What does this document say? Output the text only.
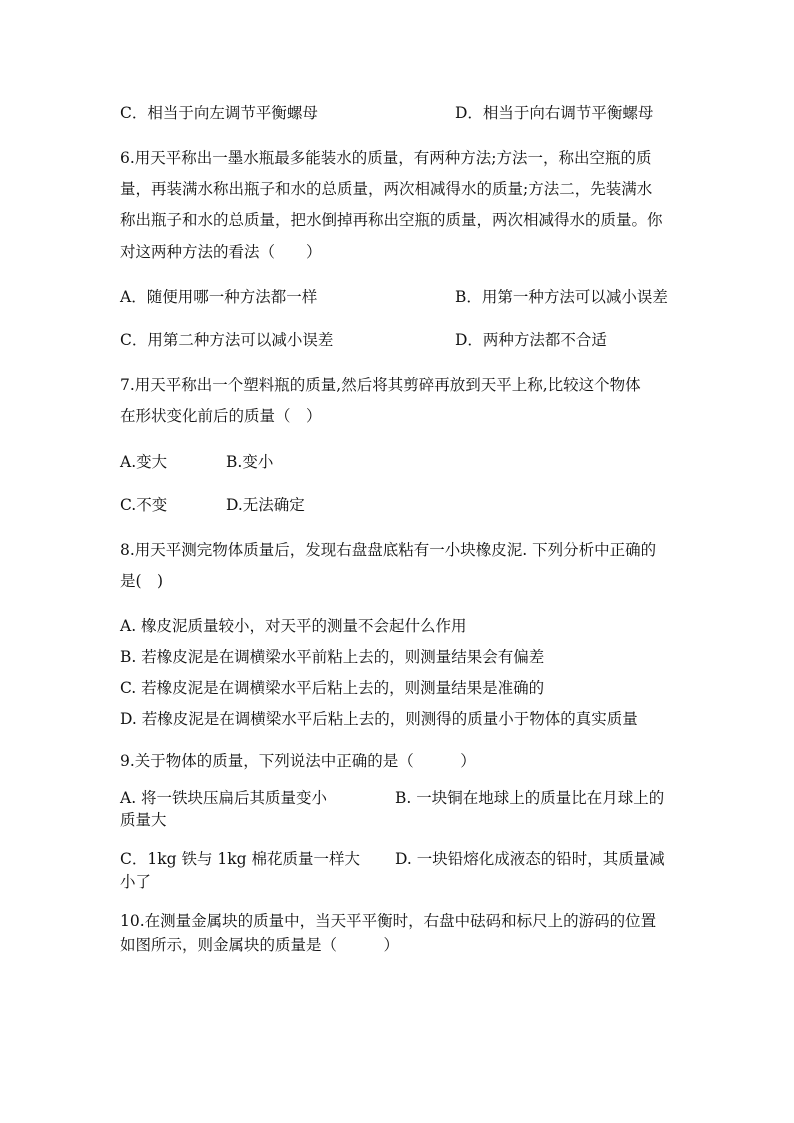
C．相当于向左调节平衡螺母	D．相当于向右调节平衡螺母
6.用天平称出一墨水瓶最多能装水的质量，有两种方法;方法一，称出空瓶的质
量，再装满水称出瓶子和水的总质量，两次相减得水的质量;方法二，先装满水
称出瓶子和水的总质量，把水倒掉再称出空瓶的质量，两次相减得水的质量。你
对这两种方法的看法（　　）
A．随便用哪一种方法都一样	B．用第一种方法可以减小误差
C．用第二种方法可以减小误差	D．两种方法都不合适
7.用天平称出一个塑料瓶的质量,然后将其剪碎再放到天平上称,比较这个物体
在形状变化前后的质量（　）
A.变大	B.变小
C.不变	D.无法确定
8.用天平测完物体质量后，发现右盘盘底粘有一小块橡皮泥. 下列分析中正确的
是(　)
A. 橡皮泥质量较小，对天平的测量不会起什么作用
B. 若橡皮泥是在调横梁水平前粘上去的，则测量结果会有偏差
C. 若橡皮泥是在调横梁水平后粘上去的，则测量结果是准确的
D. 若橡皮泥是在调横梁水平后粘上去的，则测得的质量小于物体的真实质量
9.关于物体的质量，下列说法中正确的是（　　　）
A. 将一铁块压扁后其质量变小	B. 一块铜在地球上的质量比在月球上的
质量大
C．1kg 铁与 1kg 棉花质量一样大 D. 一块铅熔化成液态的铅时，其质量减
小了
10.在测量金属块的质量中，当天平平衡时，右盘中砝码和标尺上的游码的位置
如图所示，则金属块的质量是（　　　）
